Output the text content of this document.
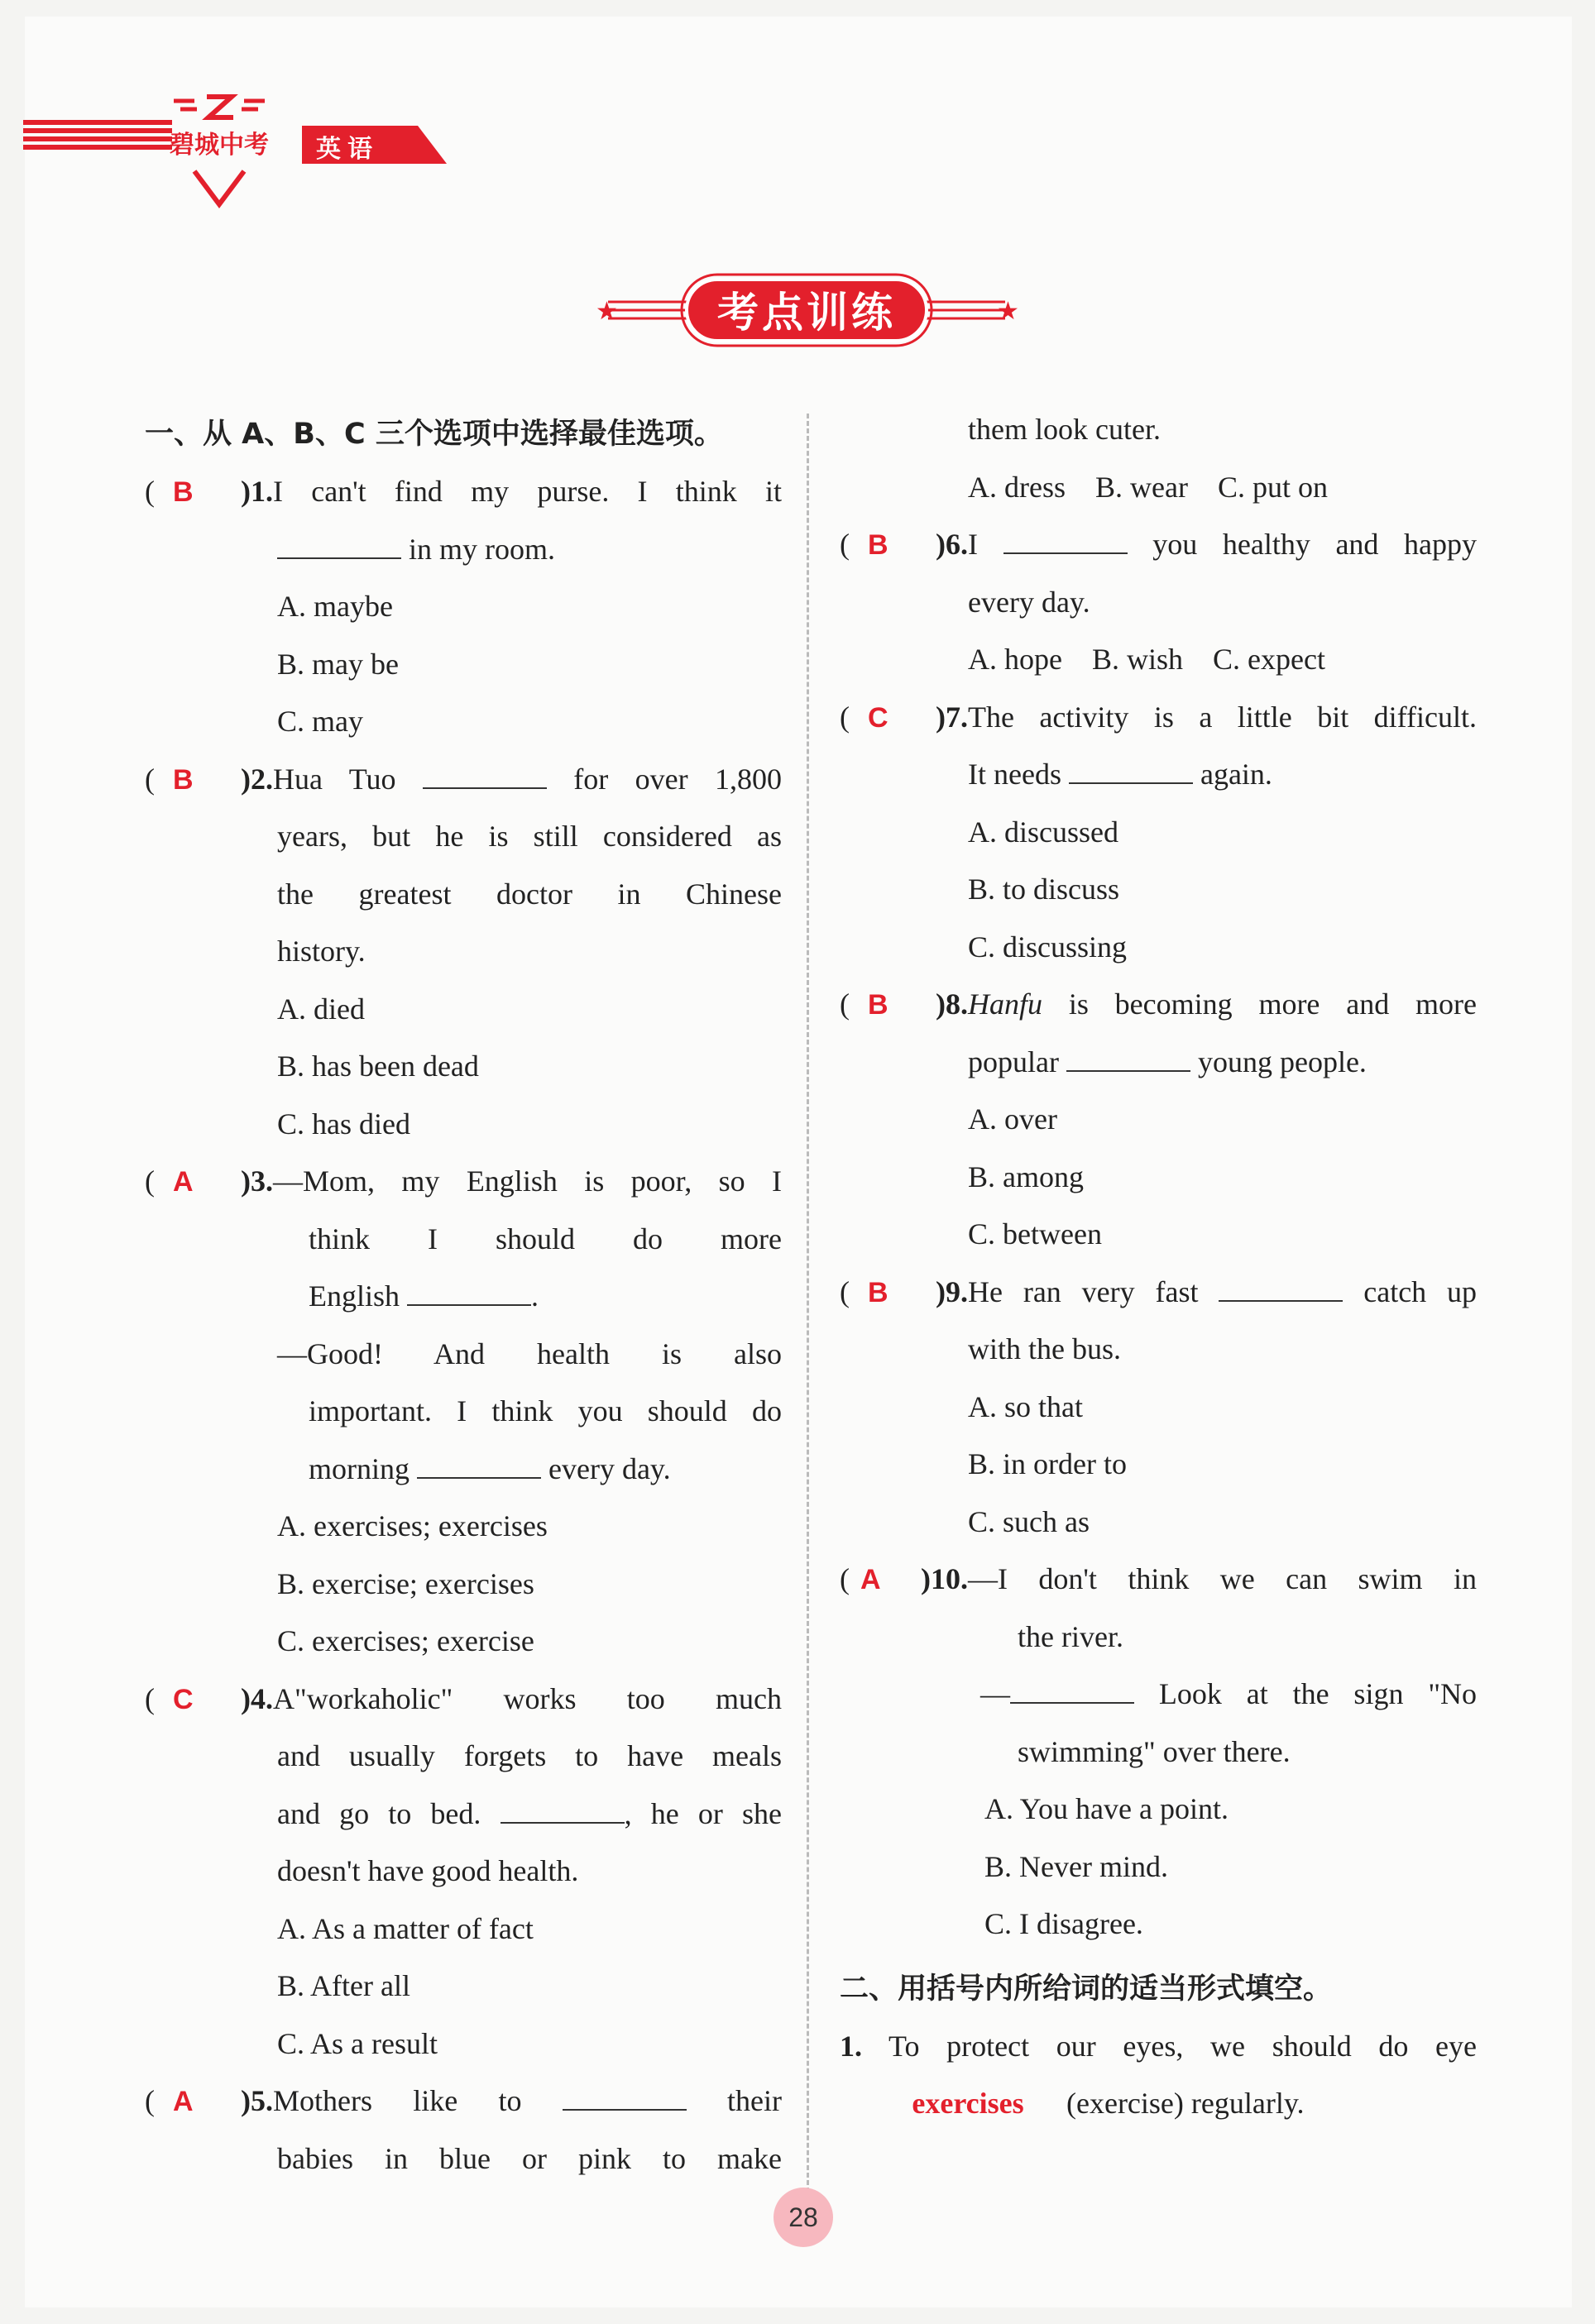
碧城中考	英语
★	★
考点训练
一、从 A、B、C 三个选项中选择最佳选项。
( B )1.I can't find my purse. I think it
in my room.
A. maybe
B. may be
C. may
( B )2.Hua Tuo	for over 1,800
years, but he is still considered as
the greatest doctor in Chinese
history.
A. died
B. has been dead
C. has died
( A )3.—Mom, my English is poor, so I
think I should do more
English	.
—Good! And health is also
important. I think you should do
morning	every day.
A. exercises; exercises
B. exercise; exercises
C. exercises; exercise
( C )4.A"workaholic" works too much
and usually forgets to have meals
and go to bed.	, he or she
doesn't have good health.
A. As a matter of fact
B. After all
C. As a result
( A )5.Mothers like to	their
babies in blue or pink to make
them look cuter.
A. dress    B. wear    C. put on
( B )6.I	you healthy and happy
every day.
A. hope    B. wish    C. expect
( C )7.The activity is a little bit difficult.
It needs	again.
A. discussed
B. to discuss
C. discussing
( B )8.Hanfu is becoming more and more
popular	young people.
A. over
B. among
C. between
( B )9.He ran very fast	catch up
with the bus.
A. so that
B. in order to
C. such as
( A )10.—I don't think we can swim in
the river.
—	Look at the sign "No
swimming" over there.
A. You have a point.
B. Never mind.
C. I disagree.
二、用括号内所给词的适当形式填空。
1. To protect our eyes, we should do eye
exercises (exercise) regularly.
28
